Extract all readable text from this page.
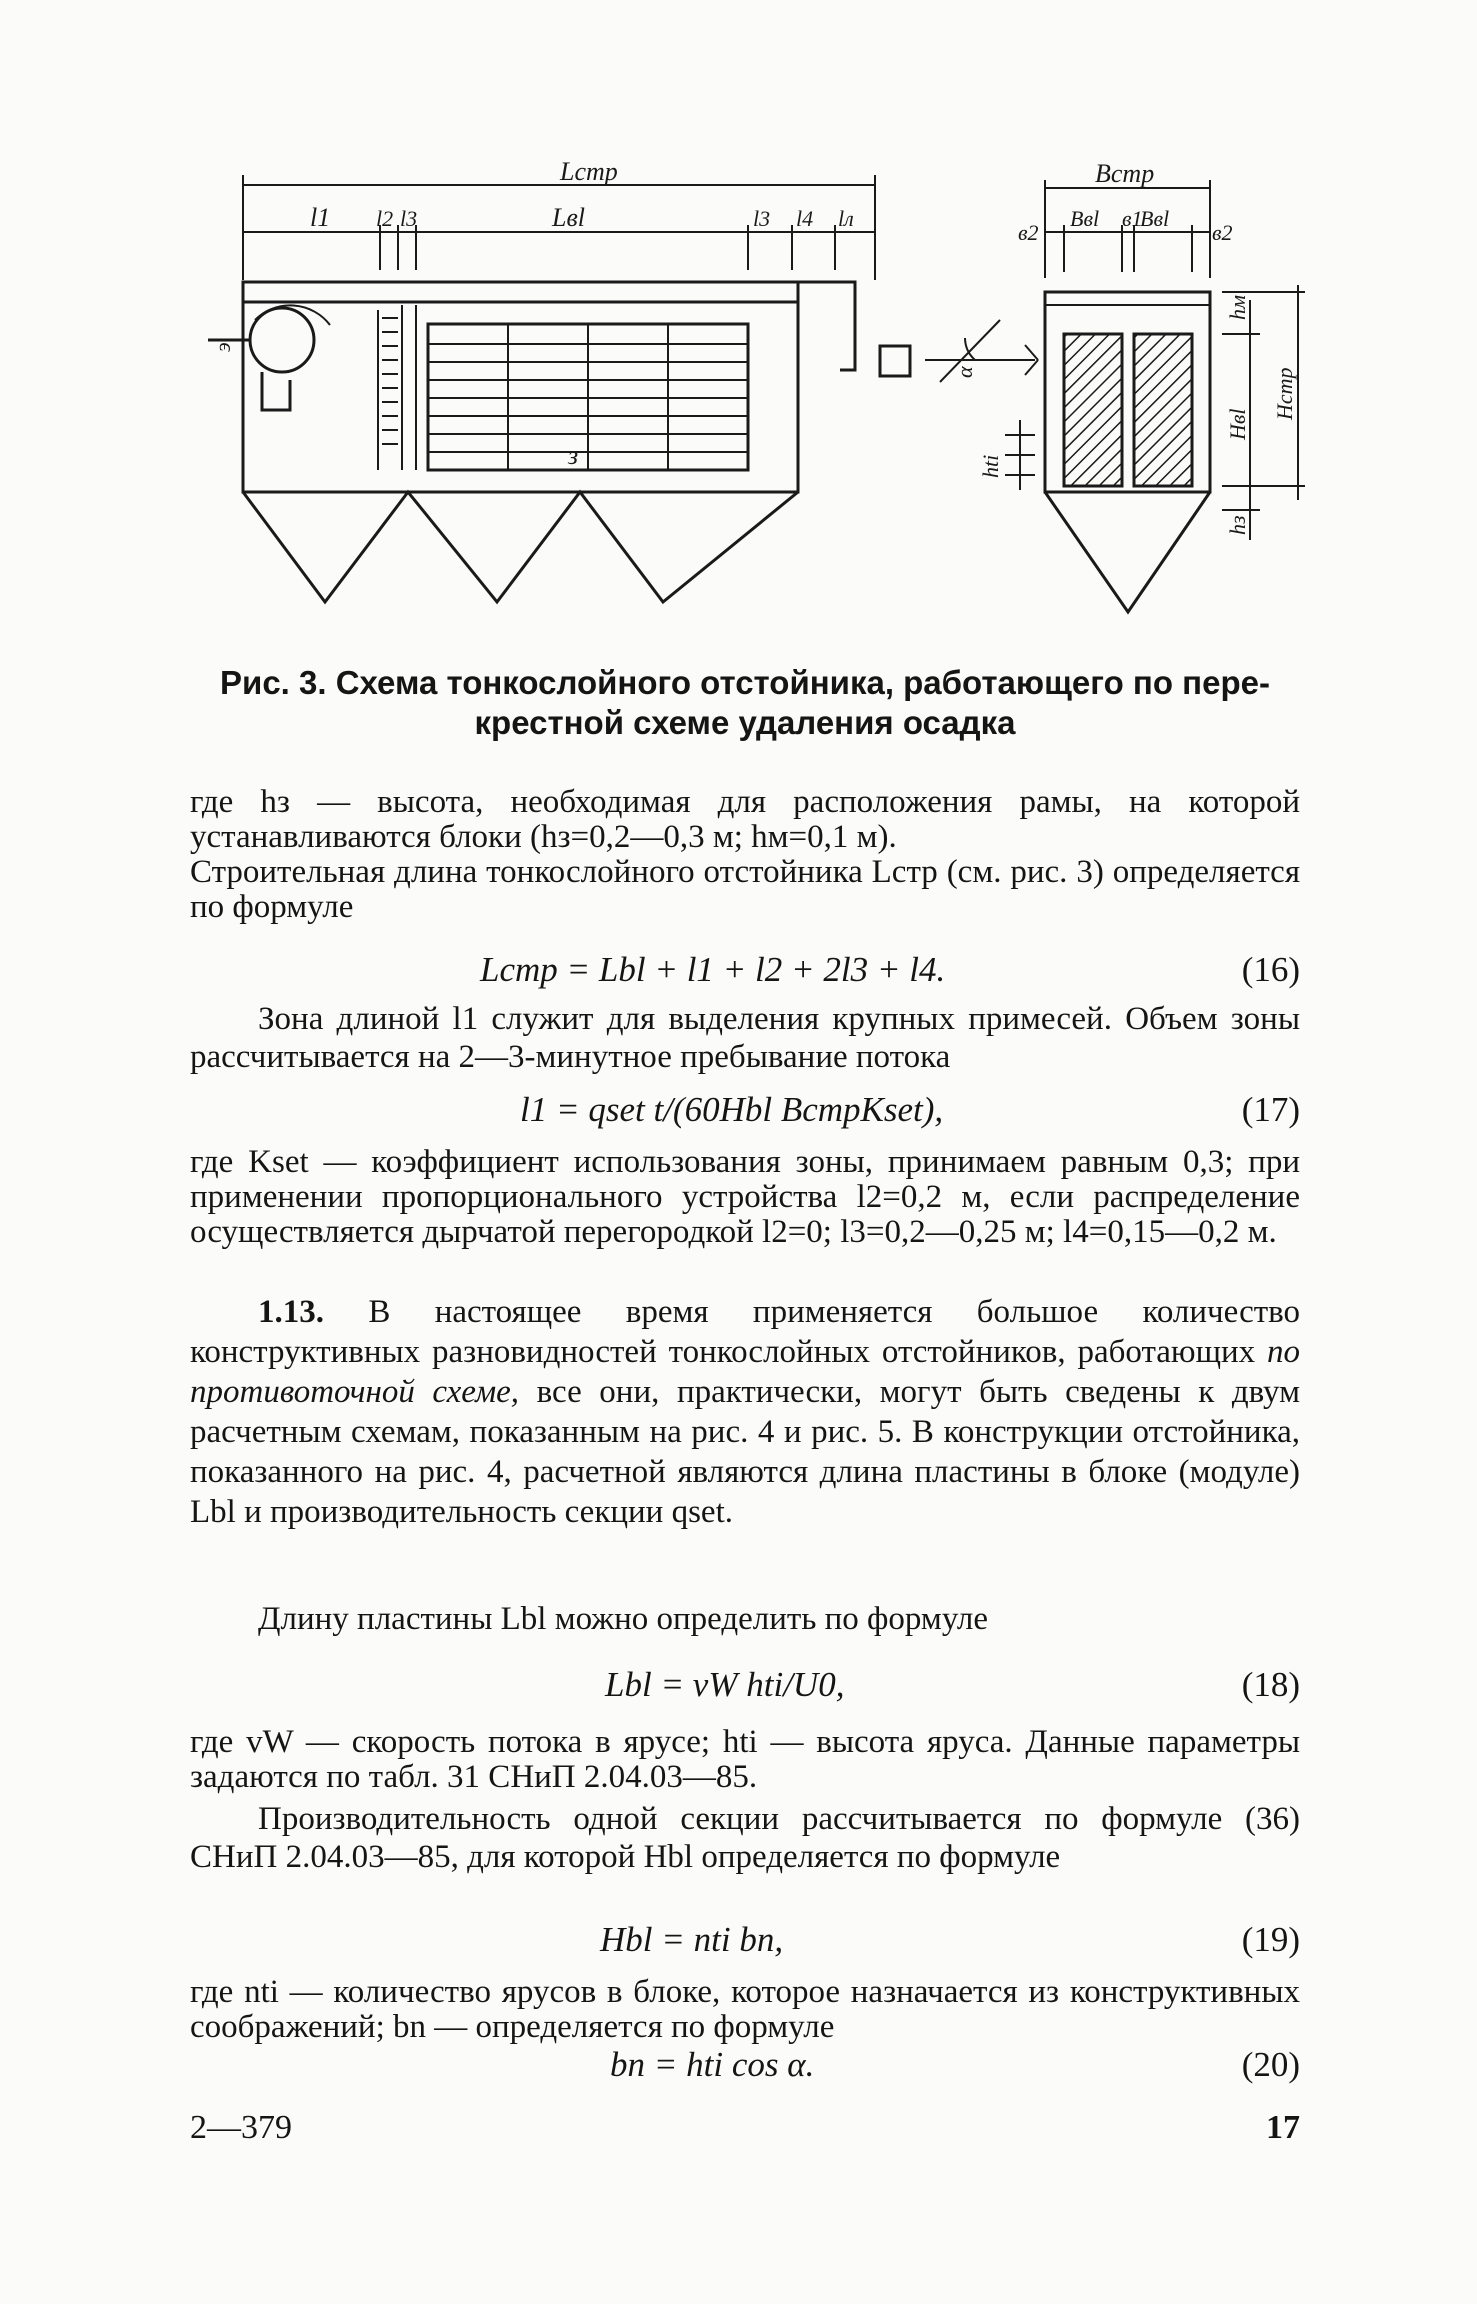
Lстр
l1 l2 l3	Lвl	l3 l4 lл
Встр
в2
Ввl в1
Ввl
в2
hм
Hвl
Hстр
hз
hti
α
э
з
Рис. 3. Схема тонкослойного отстойника, работающего по пере-
крестной схеме удаления осадка
где hз — высота, необходимая для расположения рамы, на которой устанавливаются блоки (hз=0,2—0,3 м; hм=0,1 м).
Строительная длина тонкослойного отстойника Lстр (см. рис. 3) определяется по формуле
Lстр = Lbl + l1 + l2 + 2l3 + l4.	(16)
Зона длиной l1 служит для выделения крупных примесей. Объем зоны рассчитывается на 2—3-минутное пребывание потока
l1 = qset t/(60Hbl BстрKset),	(17)
где Kset — коэффициент использования зоны, принимаем равным 0,3; при применении пропорционального устройства l2=0,2 м, если распределение осуществляется дырчатой перегородкой l2=0; l3=0,2—0,25 м; l4=0,15—0,2 м.
1.13. В настоящее время применяется большое количество конструктивных разновидностей тонкослойных отстойников, работающих по противоточной схеме, все они, практически, могут быть сведены к двум расчетным схемам, показанным на рис. 4 и рис. 5. В конструкции отстойника, показанного на рис. 4, расчетной являются длина пластины в блоке (модуле) Lbl и производительность секции qset.
Длину пластины Lbl можно определить по формуле
Lbl = vW hti/U0,	(18)
где vW — скорость потока в ярусе; hti — высота яруса. Данные параметры задаются по табл. 31 СНиП 2.04.03—85.
Производительность одной секции рассчитывается по формуле (36) СНиП 2.04.03—85, для которой Hbl определяется по формуле
Hbl = nti bn,	(19)
где nti — количество ярусов в блоке, которое назначается из конструктивных соображений; bn — определяется по формуле
bn = hti cos α.	(20)
2—379	17
